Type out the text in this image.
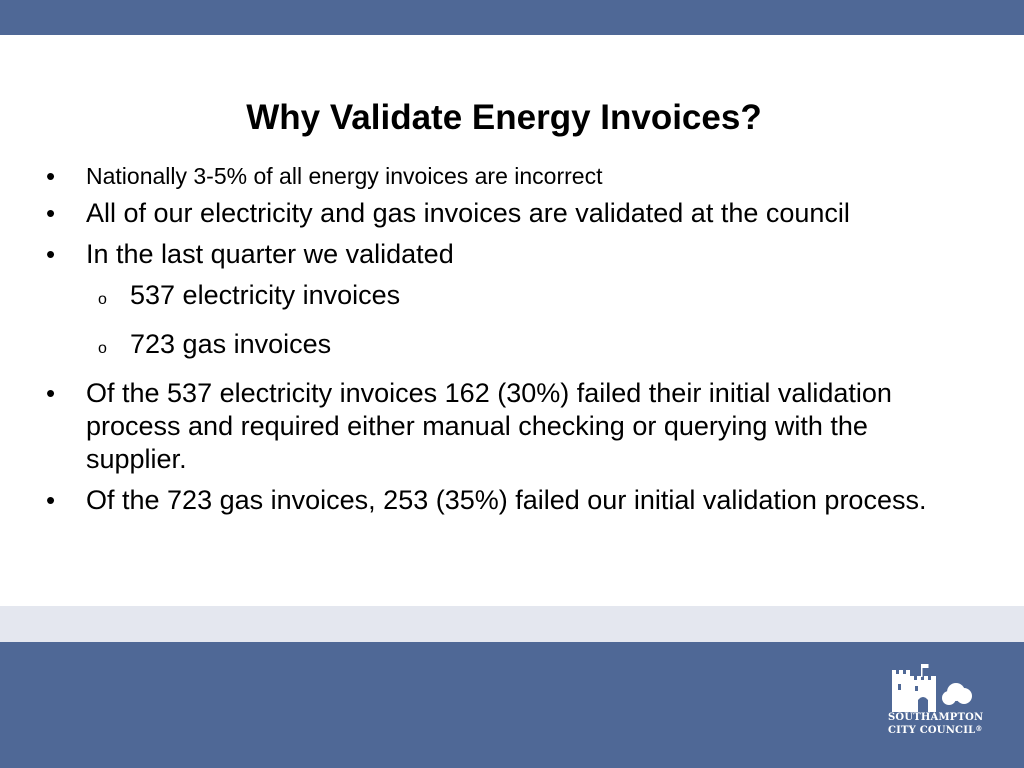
Why Validate Energy Invoices?
• Nationally 3-5% of all energy invoices are incorrect
• All of our electricity and gas invoices are validated at the council
• In the last quarter we validated
o 537 electricity invoices
o 723 gas invoices
• Of the 537 electricity invoices 162 (30%) failed their initial validation process and required either manual checking or querying with the supplier.
• Of the 723 gas invoices, 253 (35%) failed our initial validation process.
SOUTHAMPTON
CITY COUNCIL®
